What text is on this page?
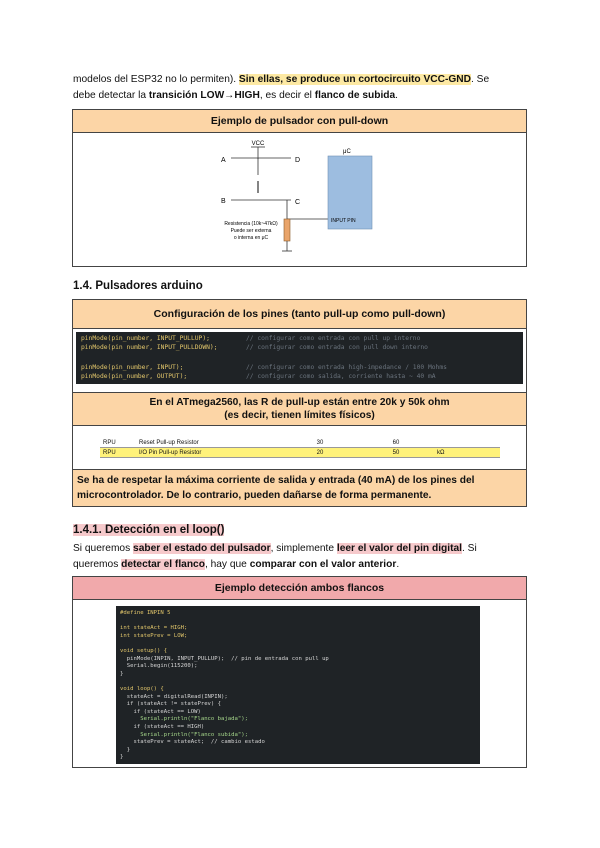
modelos del ESP32 no lo permiten). Sin ellas, se produce un cortocircuito VCC-GND. Se
debe detectar la transición LOW→HIGH, es decir el flanco de subida.
Ejemplo de pulsador con pull-down
VCC
A	D
B	C
Resistencia (10k~47kΩ)
Puede ser externa
o interna en μC
μC
INPUT PIN
1.4. Pulsadores arduino
Configuración de los pines (tanto pull-up como pull-down)
pinMode(pin_number, INPUT_PULLUP);	// configurar como entrada con pull up interno
pinMode(pin number, INPUT_PULLDOWN);	// configurar como entrada con pull down interno
pinMode(pin_number, INPUT);	// configurar como entrada high-impedance / 100 Mohms
pinMode(pin_number, OUTPUT);	// configurar como salida, corriente hasta ~ 40 mA
En el ATmega2560, las R de pull-up están entre 20k y 50k ohm
(es decir, tienen límites físicos)
RPU	Reset Pull-up Resistor	30	60	
RPU	I/O Pin Pull-up Resistor	20	50	kΩ
Se ha de respetar la máxima corriente de salida y entrada (40 mA) de los pines del
microcontrolador. De lo contrario, pueden dañarse de forma permanente.
1.4.1. Detección en el loop()
Si queremos saber el estado del pulsador, simplemente leer el valor del pin digital. Si
queremos detectar el flanco, hay que comparar con el valor anterior.
Ejemplo detección ambos flancos
#define INPIN 5
int stateAct = HIGH;
int statePrev = LOW;
void setup() {
pinMode(INPIN, INPUT_PULLUP);  // pin de entrada con pull up
Serial.begin(115200);
}
void loop() {
stateAct = digitalRead(INPIN);
if (stateAct != statePrev) {
if (stateAct == LOW)
Serial.println("Flanco bajada");
if (stateAct == HIGH)
Serial.println("Flanco subida");
statePrev = stateAct;  // cambio estado
}
}
